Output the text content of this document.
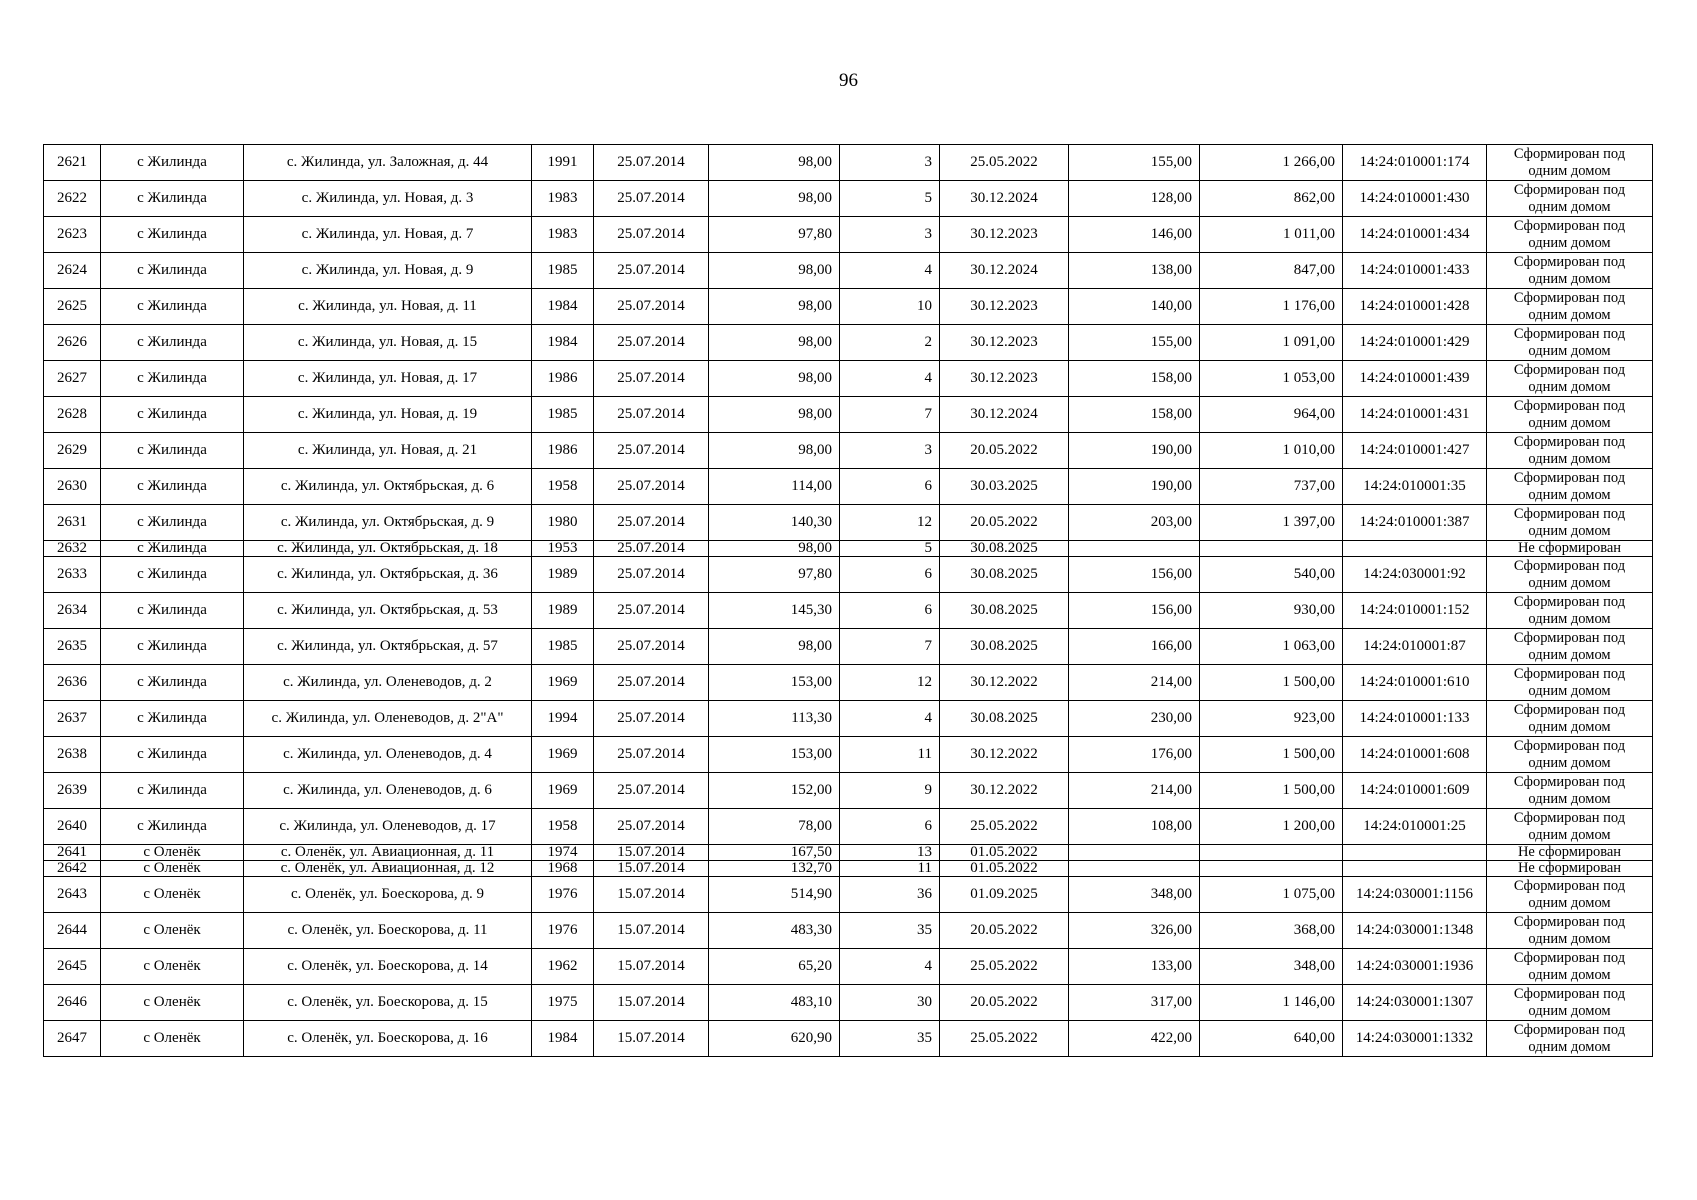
96
2621	с Жилинда	с. Жилинда, ул. Заложная, д. 44	1991	25.07.2014	98,00	3	25.05.2022	155,00	1 266,00	14:24:010001:174	Сформирован под одним домом
2622	с Жилинда	с. Жилинда, ул. Новая, д. 3	1983	25.07.2014	98,00	5	30.12.2024	128,00	862,00	14:24:010001:430	Сформирован под одним домом
2623	с Жилинда	с. Жилинда, ул. Новая, д. 7	1983	25.07.2014	97,80	3	30.12.2023	146,00	1 011,00	14:24:010001:434	Сформирован под одним домом
2624	с Жилинда	с. Жилинда, ул. Новая, д. 9	1985	25.07.2014	98,00	4	30.12.2024	138,00	847,00	14:24:010001:433	Сформирован под одним домом
2625	с Жилинда	с. Жилинда, ул. Новая, д. 11	1984	25.07.2014	98,00	10	30.12.2023	140,00	1 176,00	14:24:010001:428	Сформирован под одним домом
2626	с Жилинда	с. Жилинда, ул. Новая, д. 15	1984	25.07.2014	98,00	2	30.12.2023	155,00	1 091,00	14:24:010001:429	Сформирован под одним домом
2627	с Жилинда	с. Жилинда, ул. Новая, д. 17	1986	25.07.2014	98,00	4	30.12.2023	158,00	1 053,00	14:24:010001:439	Сформирован под одним домом
2628	с Жилинда	с. Жилинда, ул. Новая, д. 19	1985	25.07.2014	98,00	7	30.12.2024	158,00	964,00	14:24:010001:431	Сформирован под одним домом
2629	с Жилинда	с. Жилинда, ул. Новая, д. 21	1986	25.07.2014	98,00	3	20.05.2022	190,00	1 010,00	14:24:010001:427	Сформирован под одним домом
2630	с Жилинда	с. Жилинда, ул. Октябрьская, д. 6	1958	25.07.2014	114,00	6	30.03.2025	190,00	737,00	14:24:010001:35	Сформирован под одним домом
2631	с Жилинда	с. Жилинда, ул. Октябрьская, д. 9	1980	25.07.2014	140,30	12	20.05.2022	203,00	1 397,00	14:24:010001:387	Сформирован под одним домом
2632	с Жилинда	с. Жилинда, ул. Октябрьская, д. 18	1953	25.07.2014	98,00	5	30.08.2025				Не сформирован
2633	с Жилинда	с. Жилинда, ул. Октябрьская, д. 36	1989	25.07.2014	97,80	6	30.08.2025	156,00	540,00	14:24:030001:92	Сформирован под одним домом
2634	с Жилинда	с. Жилинда, ул. Октябрьская, д. 53	1989	25.07.2014	145,30	6	30.08.2025	156,00	930,00	14:24:010001:152	Сформирован под одним домом
2635	с Жилинда	с. Жилинда, ул. Октябрьская, д. 57	1985	25.07.2014	98,00	7	30.08.2025	166,00	1 063,00	14:24:010001:87	Сформирован под одним домом
2636	с Жилинда	с. Жилинда, ул. Оленеводов, д. 2	1969	25.07.2014	153,00	12	30.12.2022	214,00	1 500,00	14:24:010001:610	Сформирован под одним домом
2637	с Жилинда	с. Жилинда, ул. Оленеводов, д. 2"А"	1994	25.07.2014	113,30	4	30.08.2025	230,00	923,00	14:24:010001:133	Сформирован под одним домом
2638	с Жилинда	с. Жилинда, ул. Оленеводов, д. 4	1969	25.07.2014	153,00	11	30.12.2022	176,00	1 500,00	14:24:010001:608	Сформирован под одним домом
2639	с Жилинда	с. Жилинда, ул. Оленеводов, д. 6	1969	25.07.2014	152,00	9	30.12.2022	214,00	1 500,00	14:24:010001:609	Сформирован под одним домом
2640	с Жилинда	с. Жилинда, ул. Оленеводов, д. 17	1958	25.07.2014	78,00	6	25.05.2022	108,00	1 200,00	14:24:010001:25	Сформирован под одним домом
2641	с Оленёк	с. Оленёк, ул. Авиационная, д. 11	1974	15.07.2014	167,50	13	01.05.2022				Не сформирован
2642	с Оленёк	с. Оленёк, ул. Авиационная, д. 12	1968	15.07.2014	132,70	11	01.05.2022				Не сформирован
2643	с Оленёк	с. Оленёк, ул. Боескорова, д. 9	1976	15.07.2014	514,90	36	01.09.2025	348,00	1 075,00	14:24:030001:1156	Сформирован под одним домом
2644	с Оленёк	с. Оленёк, ул. Боескорова, д. 11	1976	15.07.2014	483,30	35	20.05.2022	326,00	368,00	14:24:030001:1348	Сформирован под одним домом
2645	с Оленёк	с. Оленёк, ул. Боескорова, д. 14	1962	15.07.2014	65,20	4	25.05.2022	133,00	348,00	14:24:030001:1936	Сформирован под одним домом
2646	с Оленёк	с. Оленёк, ул. Боескорова, д. 15	1975	15.07.2014	483,10	30	20.05.2022	317,00	1 146,00	14:24:030001:1307	Сформирован под одним домом
2647	с Оленёк	с. Оленёк, ул. Боескорова, д. 16	1984	15.07.2014	620,90	35	25.05.2022	422,00	640,00	14:24:030001:1332	Сформирован под одним домом
